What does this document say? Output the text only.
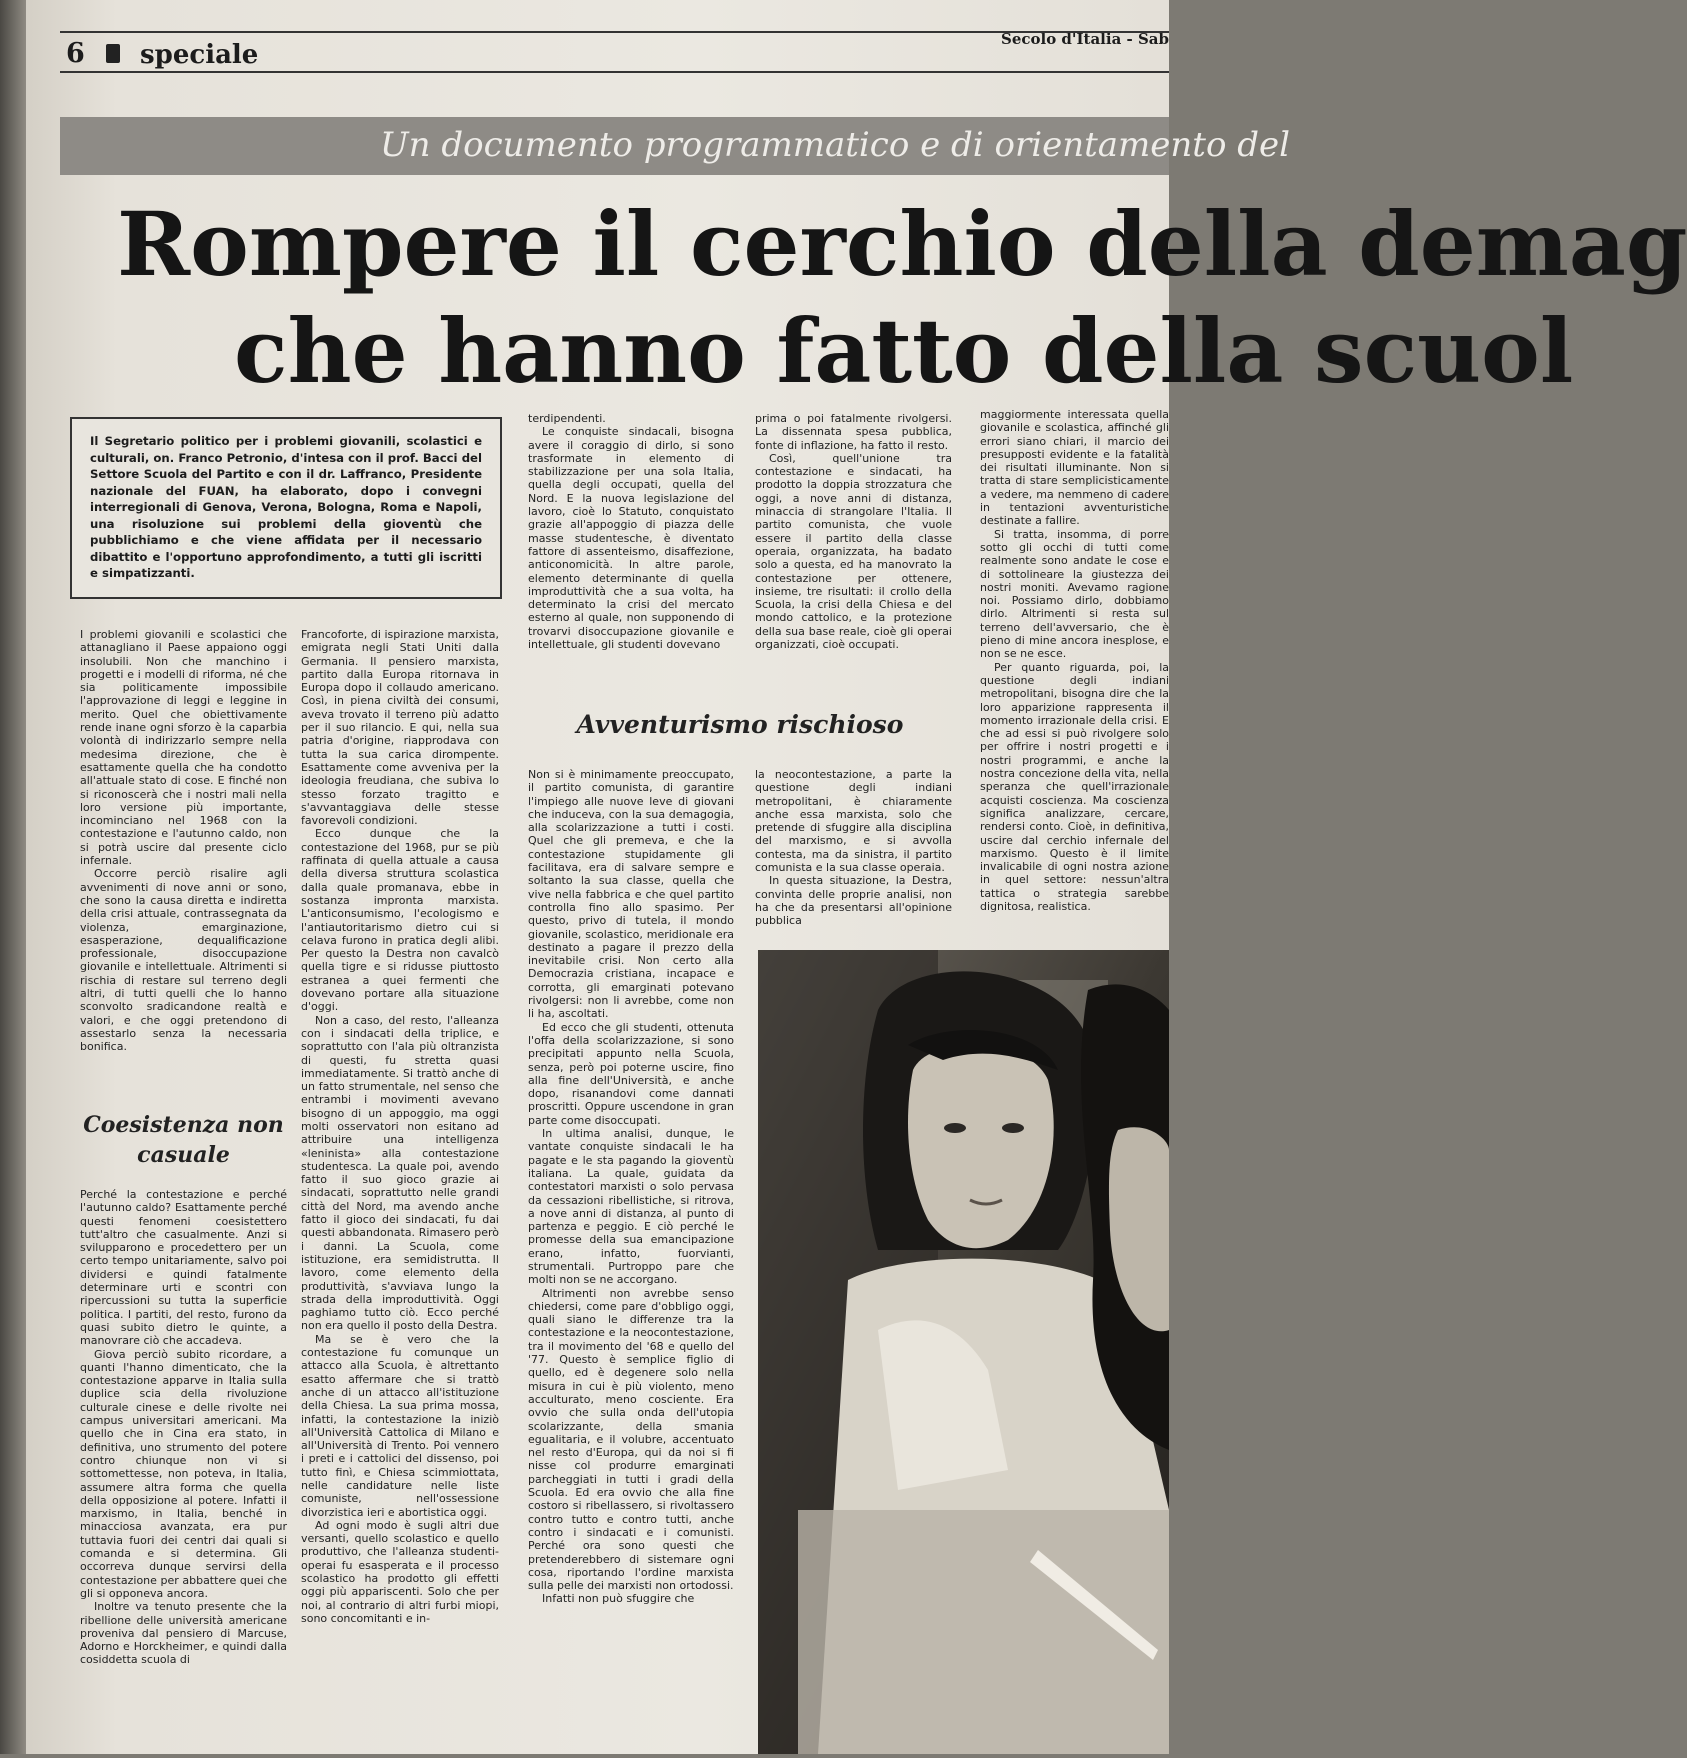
6 speciale
Secolo d'Italia - Sab
Un documento programmatico e di orientamento del
Rompere il cerchio della demag
che hanno fatto della scuol

Il Segretario politico per i problemi giovanili, scolastici e culturali, on. Franco Petronio, d'intesa con il prof. Bacci del Settore Scuola del Partito e con il dr. Laffranco, Presidente nazionale del FUAN, ha elaborato, dopo i convegni interregionali di Genova, Verona, Bologna, Roma e Napoli, una risoluzione sui problemi della gioventù che pubblichiamo e che viene affidata per il necessario dibattito e l'opportuno approfondimento, a tutti gli iscritti e simpatizzanti.

I problemi giovanili e scolastici che attanagliano il Paese appaiono oggi insolubili. Non che manchino i progetti e i modelli di riforma, né che sia politicamente impossibile l'approvazione di leggi e leggine in merito. Quel che obiettivamente rende inane ogni sforzo è la caparbia volontà di indirizzarlo sempre nella medesima direzione, che è esattamente quella che ha condotto all'attuale stato di cose. E finché non si riconoscerà che i nostri mali nella loro versione più importante, incominciano nel 1968 con la contestazione e l'autunno caldo, non si potrà uscire dal presente ciclo infernale.

Occorre perciò risalire agli avvenimenti di nove anni or sono, che sono la causa diretta e indiretta della crisi attuale, contrassegnata da violenza, emarginazione, esasperazione, dequalificazione professionale, disoccupazione giovanile e intellettuale. Altrimenti si rischia di restare sul terreno degli altri, di tutti quelli che lo hanno sconvolto sradicandone realtà e valori, e che oggi pretendono di assestarlo senza la necessaria bonifica.

Coesistenza non casuale

Perché la contestazione e perché l'autunno caldo? Esattamente perché questi fenomeni coesistettero tutt'altro che casualmente. Anzi si svilupparono e procedettero per un certo tempo unitariamente, salvo poi dividersi e quindi fatalmente determinare urti e scontri con ripercussioni su tutta la superficie politica. I partiti, del resto, furono da quasi subito dietro le quinte, a manovrare ciò che accadeva.

Giova perciò subito ricordare, a quanti l'hanno dimenticato, che la contestazione apparve in Italia sulla duplice scia della rivoluzione culturale cinese e delle rivolte nei campus universitari americani. Ma quello che in Cina era stato, in definitiva, uno strumento del potere contro chiunque non vi si sottomettesse, non poteva, in Italia, assumere altra forma che quella della opposizione al potere. Infatti il marxismo, in Italia, benché in minacciosa avanzata, era pur tuttavia fuori dei centri dai quali si comanda e si determina. Gli occorreva dunque servirsi della contestazione per abbattere quei che gli si opponeva ancora.

Inoltre va tenuto presente che la ribellione delle università americane proveniva dal pensiero di Marcuse, Adorno e Horckheimer, e quindi dalla cosiddetta scuola di

Francoforte, di ispirazione marxista, emigrata negli Stati Uniti dalla Germania. Il pensiero marxista, partito dalla Europa ritornava in Europa dopo il collaudo americano. Così, in piena civiltà dei consumi, aveva trovato il terreno più adatto per il suo rilancio. E qui, nella sua patria d'origine, riapprodava con tutta la sua carica dirompente. Esattamente come avveniva per la ideologia freudiana, che subiva lo stesso forzato tragitto e s'avvantaggiava delle stesse favorevoli condizioni.

Ecco dunque che la contestazione del 1968, pur se più raffinata di quella attuale a causa della diversa struttura scolastica dalla quale promanava, ebbe in sostanza impronta marxista. L'anticonsumismo, l'ecologismo e l'antiautoritarismo dietro cui si celava furono in pratica degli alibi. Per questo la Destra non cavalcò quella tigre e si ridusse piuttosto estranea a quei fermenti che dovevano portare alla situazione d'oggi.

Non a caso, del resto, l'alleanza con i sindacati della triplice, e soprattutto con l'ala più oltranzista di questi, fu stretta quasi immediatamente. Si trattò anche di un fatto strumentale, nel senso che entrambi i movimenti avevano bisogno di un appoggio, ma oggi molti osservatori non esitano ad attribuire una intelligenza «leninista» alla contestazione studentesca. La quale poi, avendo fatto il suo gioco grazie ai sindacati, soprattutto nelle grandi città del Nord, ma avendo anche fatto il gioco dei sindacati, fu dai questi abbandonata. Rimasero però i danni. La Scuola, come istituzione, era semidistrutta. Il lavoro, come elemento della produttività, s'avviava lungo la strada della improduttività. Oggi paghiamo tutto ciò. Ecco perché non era quello il posto della Destra.

Ma se è vero che la contestazione fu comunque un attacco alla Scuola, è altrettanto esatto affermare che si trattò anche di un attacco all'istituzione della Chiesa. La sua prima mossa, infatti, la contestazione la iniziò all'Università Cattolica di Milano e all'Università di Trento. Poi vennero i preti e i cattolici del dissenso, poi tutto finì, e Chiesa scimmiottata, nelle candidature nelle liste comuniste, nell'ossessione divorzistica ieri e abortistica oggi.

Ad ogni modo è sugli altri due versanti, quello scolastico e quello produttivo, che l'alleanza studenti-operai fu esasperata e il processo scolastico ha prodotto gli effetti oggi più appariscenti. Solo che per noi, al contrario di altri furbi miopi, sono concomitanti e in-

terdipendenti.

Le conquiste sindacali, bisogna avere il coraggio di dirlo, si sono trasformate in elemento di stabilizzazione per una sola Italia, quella degli occupati, quella del Nord. E la nuova legislazione del lavoro, cioè lo Statuto, conquistato grazie all'appoggio di piazza delle masse studentesche, è diventato fattore di assenteismo, disaffezione, anticonomicità. In altre parole, elemento determinante di quella improduttività che a sua volta, ha determinato la crisi del mercato esterno al quale, non supponendo di trovarvi disoccupazione giovanile e intellettuale, gli studenti dovevano

prima o poi fatalmente rivolgersi. La dissennata spesa pubblica, fonte di inflazione, ha fatto il resto.

Così, quell'unione tra contestazione e sindacati, ha prodotto la doppia strozzatura che oggi, a nove anni di distanza, minaccia di strangolare l'Italia. Il partito comunista, che vuole essere il partito della classe operaia, organizzata, ha badato solo a questa, ed ha manovrato la contestazione per ottenere, insieme, tre risultati: il crollo della Scuola, la crisi della Chiesa e del mondo cattolico, e la protezione della sua base reale, cioè gli operai organizzati, cioè occupati.

Avventurismo rischioso

Non si è minimamente preoccupato, il partito comunista, di garantire l'impiego alle nuove leve di giovani che induceva, con la sua demagogia, alla scolarizzazione a tutti i costi. Quel che gli premeva, e che la contestazione stupidamente gli facilitava, era di salvare sempre e soltanto la sua classe, quella che vive nella fabbrica e che quel partito controlla fino allo spasimo. Per questo, privo di tutela, il mondo giovanile, scolastico, meridionale era destinato a pagare il prezzo della inevitabile crisi. Non certo alla Democrazia cristiana, incapace e corrotta, gli emarginati potevano rivolgersi: non li avrebbe, come non li ha, ascoltati.

Ed ecco che gli studenti, ottenuta l'offa della scolarizzazione, si sono precipitati appunto nella Scuola, senza, però poi poterne uscire, fino alla fine dell'Università, e anche dopo, risanandovi come dannati proscritti. Oppure uscendone in gran parte come disoccupati.

In ultima analisi, dunque, le vantate conquiste sindacali le ha pagate e le sta pagando la gioventù italiana. La quale, guidata da contestatori marxisti o solo pervasa da cessazioni ribellistiche, si ritrova, a nove anni di distanza, al punto di partenza e peggio. E ciò perché le promesse della sua emancipazione erano, infatto, fuorvianti, strumentali. Purtroppo pare che molti non se ne accorgano.

Altrimenti non avrebbe senso chiedersi, come pare d'obbligo oggi, quali siano le differenze tra la contestazione e la neocontestazione, tra il movimento del '68 e quello del '77. Questo è semplice figlio di quello, ed è degenere solo nella misura in cui è più violento, meno acculturato, meno cosciente. Era ovvio che sulla onda dell'utopia scolarizzante, della smania egualitaria, e il volubre, accentuato nel resto d'Europa, qui da noi si fi nisse col produrre emarginati parcheggiati in tutti i gradi della Scuola. Ed era ovvio che alla fine costoro si ribellassero, si rivoltassero contro tutto e contro tutti, anche contro i sindacati e i comunisti. Perché ora sono questi che pretenderebbero di sistemare ogni cosa, riportando l'ordine marxista sulla pelle dei marxisti non ortodossi.

Infatti non può sfuggire che

la neocontestazione, a parte la questione degli indiani metropolitani, è chiaramente anche essa marxista, solo che pretende di sfuggire alla disciplina del marxismo, e si avvolla contesta, ma da sinistra, il partito comunista e la sua classe operaia.

In questa situazione, la Destra, convinta delle proprie analisi, non ha che da presentarsi all'opinione pubblica

maggiormente interessata quella giovanile e scolastica, affinché gli errori siano chiari, il marcio dei presupposti evidente e la fatalità dei risultati illuminante. Non si tratta di stare semplicisticamente a vedere, ma nemmeno di cadere in tentazioni avventuristiche destinate a fallire.

Si tratta, insomma, di porre sotto gli occhi di tutti come realmente sono andate le cose e di sottolineare la giustezza dei nostri moniti. Avevamo ragione noi. Possiamo dirlo, dobbiamo dirlo. Altrimenti si resta sul terreno dell'avversario, che è pieno di mine ancora inesplose, e non se ne esce.

Per quanto riguarda, poi, la questione degli indiani metropolitani, bisogna dire che la loro apparizione rappresenta il momento irrazionale della crisi. E che ad essi si può rivolgere solo per offrire i nostri progetti e i nostri programmi, e anche la nostra concezione della vita, nella speranza che quell'irrazionale acquisti coscienza. Ma coscienza significa analizzare, cercare, rendersi conto. Cioè, in definitiva, uscire dal cerchio infernale del marxismo. Questo è il limite invalicabile di ogni nostra azione in quel settore: nessun'altra tattica o strategia sarebbe dignitosa, realistica.
